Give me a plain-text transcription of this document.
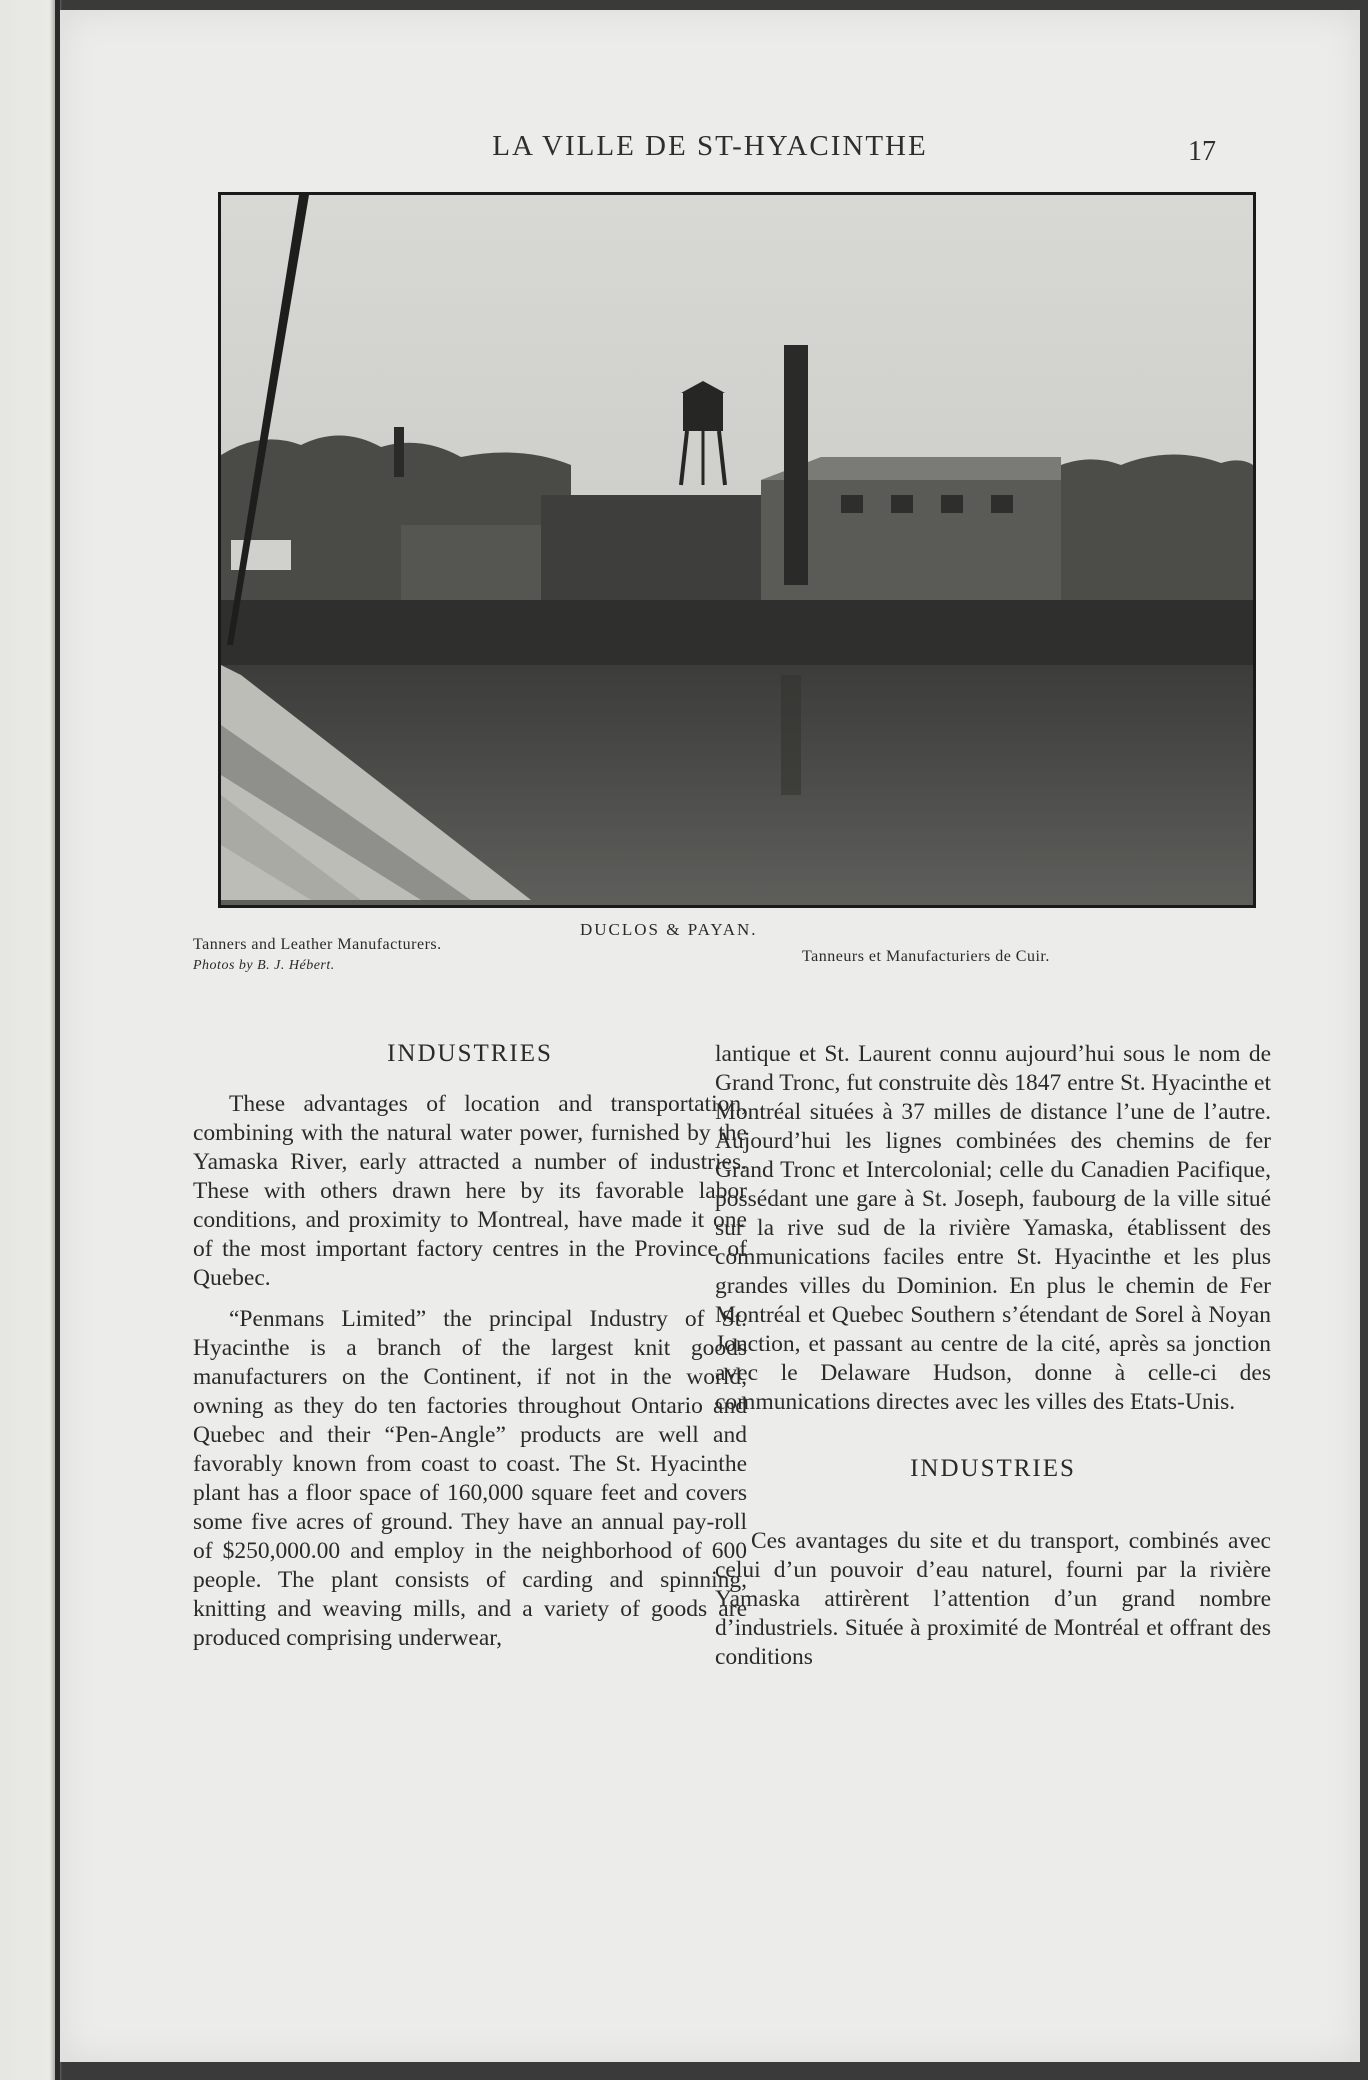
LA VILLE DE ST-HYACINTHE	17
DUCLOS & PAYAN.
Tanners and Leather Manufacturers.
Photos by B. J. Hébert.
Tanneurs et Manufacturiers de Cuir.
INDUSTRIES

These advantages of location and transportation, combining with the natural water power, furnished by the Yamaska River, early attracted a number of industries. These with others drawn here by its favorable labor conditions, and proximity to Montreal, have made it one of the most important factory centres in the Province of Quebec.

“Penmans Limited” the principal Industry of St. Hyacinthe is a branch of the largest knit goods manufacturers on the Continent, if not in the world, owning as they do ten factories throughout Ontario and Quebec and their “Pen-Angle” products are well and favorably known from coast to coast. The St. Hyacinthe plant has a floor space of 160,000 square feet and covers some five acres of ground. They have an annual pay-roll of $250,000.00 and employ in the neighborhood of 600 people. The plant consists of carding and spinning, knitting and weaving mills, and a variety of goods are produced comprising underwear,

lantique et St. Laurent connu aujourd’hui sous le nom de Grand Tronc, fut construite dès 1847 entre St. Hyacinthe et Montréal situées à 37 milles de distance l’une de l’autre. Aujourd’hui les lignes combinées des chemins de fer Grand Tronc et Intercolonial; celle du Canadien Pacifique, possédant une gare à St. Joseph, faubourg de la ville situé sur la rive sud de la rivière Yamaska, établissent des communications faciles entre St. Hyacinthe et les plus grandes villes du Dominion. En plus le chemin de Fer Montréal et Quebec Southern s’étendant de Sorel à Noyan Jonction, et passant au centre de la cité, après sa jonction avec le Delaware Hudson, donne à celle-ci des communications directes avec les villes des Etats-Unis.

INDUSTRIES

Ces avantages du site et du transport, combinés avec celui d’un pouvoir d’eau naturel, fourni par la rivière Yamaska attirèrent l’attention d’un grand nombre d’industriels. Située à proximité de Montréal et offrant des conditions
